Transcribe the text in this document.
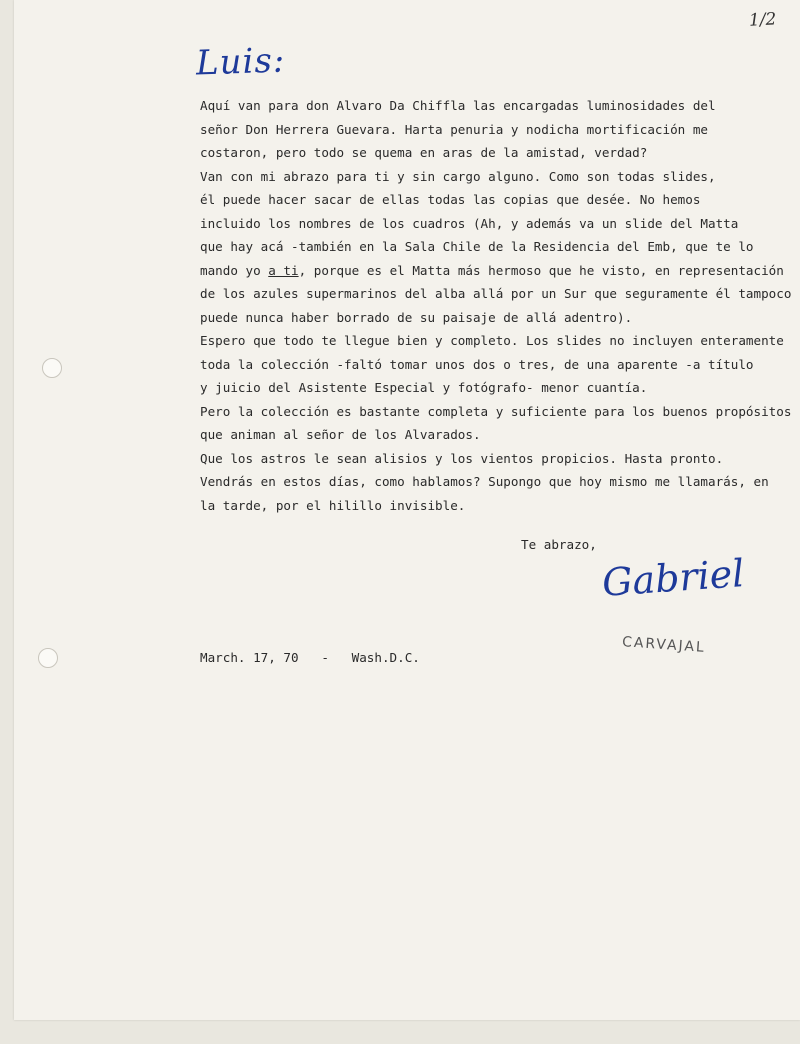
1/2
Luis:
Aquí van para don Alvaro Da Chiffla las encargadas luminosidades del
señor Don Herrera Guevara. Harta penuria y nodicha mortificación me
costaron, pero todo se quema en aras de la amistad, verdad?
Van con mi abrazo para ti y sin cargo alguno. Como son todas slides,
él puede hacer sacar de ellas todas las copias que desée. No hemos
incluido los nombres de los cuadros (Ah, y además va un slide del Matta
que hay acá -también en la Sala Chile de la Residencia del Emb, que te lo
mando yo a ti, porque es el Matta más hermoso que he visto, en representación
de los azules supermarinos del alba allá por un Sur que seguramente él tampoco
puede nunca haber borrado de su paisaje de allá adentro).
Espero que todo te llegue bien y completo. Los slides no incluyen enteramente
toda la colección -faltó tomar unos dos o tres, de una aparente -a título
y juicio del Asistente Especial y fotógrafo- menor cuantía.
Pero la colección es bastante completa y suficiente para los buenos propósitos
que animan al señor de los Alvarados.
Que los astros le sean alisios y los vientos propicios. Hasta pronto.
Vendrás en estos días, como hablamos? Supongo que hoy mismo me llamarás, en
la tarde, por el hilillo invisible.
Te abrazo,
Gabriel
CARVAJAL
March. 17, 70   -   Wash.D.C.
